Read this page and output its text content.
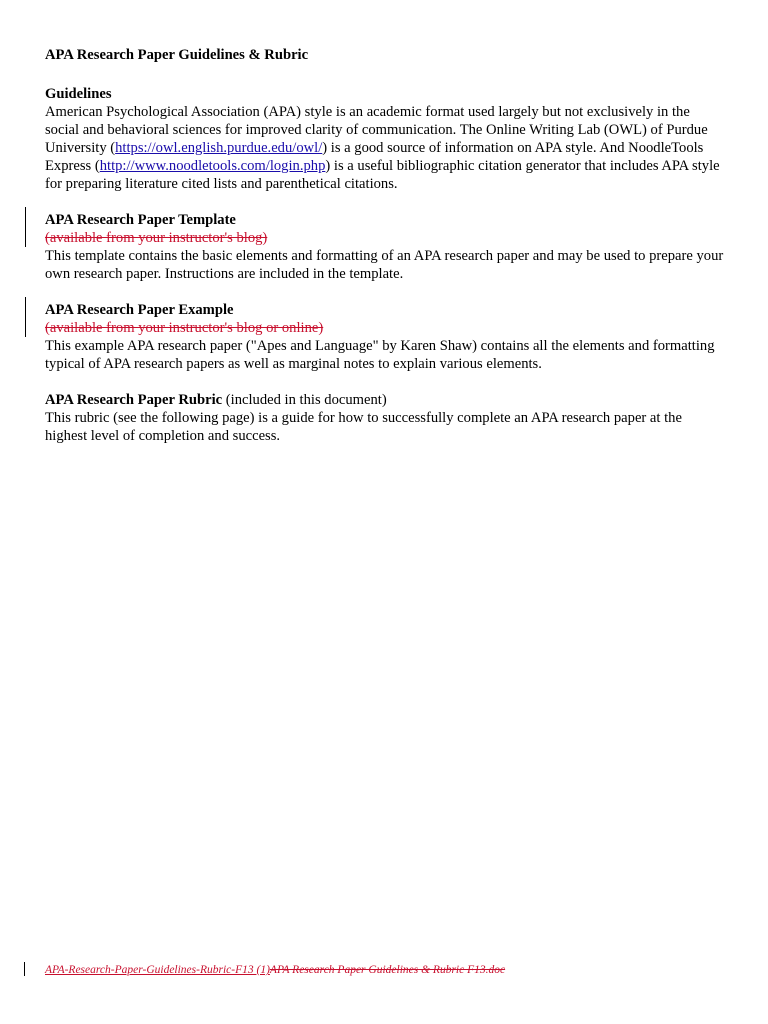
APA Research Paper Guidelines & Rubric

Guidelines

American Psychological Association (APA) style is an academic format used largely but not exclusively in the social and behavioral sciences for improved clarity of communication. The Online Writing Lab (OWL) of Purdue University (https://owl.english.purdue.edu/owl/) is a good source of information on APA style. And NoodleTools Express (http://www.noodletools.com/login.php) is a useful bibliographic citation generator that includes APA style for preparing literature cited lists and parenthetical citations.

APA Research Paper Template
(available from your instructor's blog)

This template contains the basic elements and formatting of an APA research paper and may be used to prepare your own research paper. Instructions are included in the template.

APA Research Paper Example
(available from your instructor's blog or online)

This example APA research paper ("Apes and Language" by Karen Shaw) contains all the elements and formatting typical of APA research papers as well as marginal notes to explain various elements.

APA Research Paper Rubric (included in this document)

This rubric (see the following page) is a guide for how to successfully complete an APA research paper at the highest level of completion and success.

APA-Research-Paper-Guidelines-Rubric-F13 (1)APA Research Paper Guidelines & Rubric F13.doc
